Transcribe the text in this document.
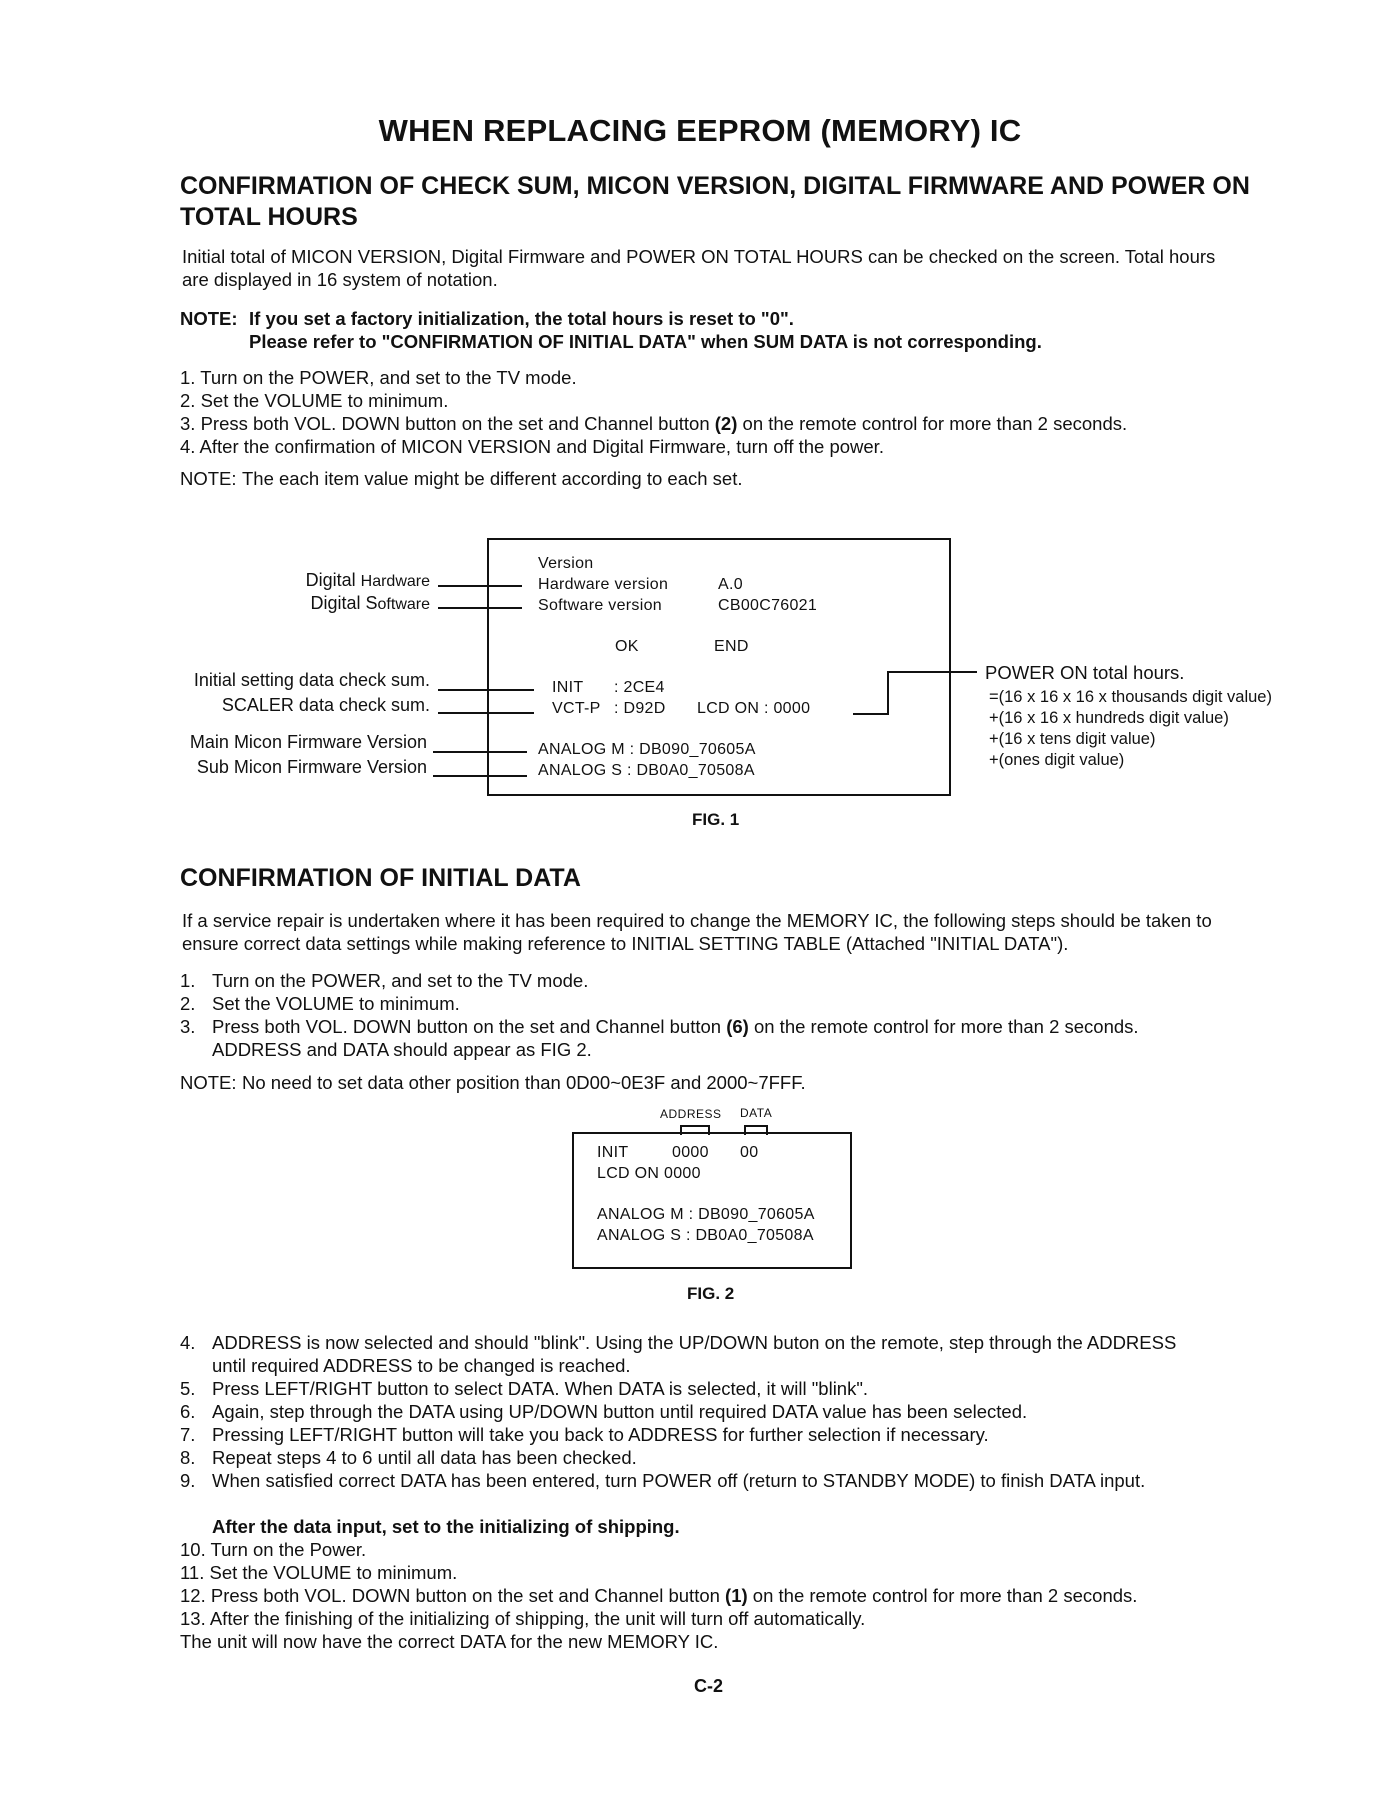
WHEN REPLACING EEPROM (MEMORY) IC
CONFIRMATION OF CHECK SUM, MICON VERSION, DIGITAL FIRMWARE AND POWER ON TOTAL HOURS
Initial total of MICON VERSION, Digital Firmware and POWER ON TOTAL HOURS can be checked on the screen. Total hours are displayed in 16 system of notation.
NOTE: If you set a factory initialization, the total hours is reset to "0".
Please refer to "CONFIRMATION OF INITIAL DATA" when SUM DATA is not corresponding.
1. Turn on the POWER, and set to the TV mode.
2. Set the VOLUME to minimum.
3. Press both VOL. DOWN button on the set and Channel button (2) on the remote control for more than 2 seconds.
4. After the confirmation of MICON VERSION and Digital Firmware, turn off the power.
NOTE: The each item value might be different according to each set.
Version
Hardware version	A.0
Software version	CB00C76021
OK	END
INIT : 2CE4
VCT-P : D92D LCD ON : 0000
ANALOG M : DB090_70605A
ANALOG S : DB0A0_70508A
Digital Hardware
Digital Software
Initial setting data check sum.
SCALER data check sum.
Main Micon Firmware Version
Sub Micon Firmware Version
POWER ON total hours.
=(16 x 16 x 16 x thousands digit value)
+(16 x 16 x hundreds digit value)
+(16 x tens digit value)
+(ones digit value)
FIG. 1
CONFIRMATION OF INITIAL DATA
If a service repair is undertaken where it has been required to change the MEMORY IC, the following steps should be taken to ensure correct data settings while making reference to INITIAL SETTING TABLE (Attached "INITIAL DATA").
1. Turn on the POWER, and set to the TV mode.
2. Set the VOLUME to minimum.
3. Press both VOL. DOWN button on the set and Channel button (6) on the remote control for more than 2 seconds.
ADDRESS and DATA should appear as FIG 2.
NOTE: No need to set data other position than 0D00~0E3F and 2000~7FFF.
ADDRESS DATA
INIT	0000 00
LCD ON 0000
ANALOG M : DB090_70605A
ANALOG S : DB0A0_70508A
FIG. 2
4. ADDRESS is now selected and should "blink". Using the UP/DOWN buton on the remote, step through the ADDRESS
until required ADDRESS to be changed is reached.
5. Press LEFT/RIGHT button to select DATA. When DATA is selected, it will "blink".
6. Again, step through the DATA using UP/DOWN button until required DATA value has been selected.
7. Pressing LEFT/RIGHT button will take you back to ADDRESS for further selection if necessary.
8. Repeat steps 4 to 6 until all data has been checked.
9. When satisfied correct DATA has been entered, turn POWER off (return to STANDBY MODE) to finish DATA input.
After the data input, set to the initializing of shipping.
10. Turn on the Power.
11. Set the VOLUME to minimum.
12. Press both VOL. DOWN button on the set and Channel button (1) on the remote control for more than 2 seconds.
13. After the finishing of the initializing of shipping, the unit will turn off automatically.
The unit will now have the correct DATA for the new MEMORY IC.
C-2
